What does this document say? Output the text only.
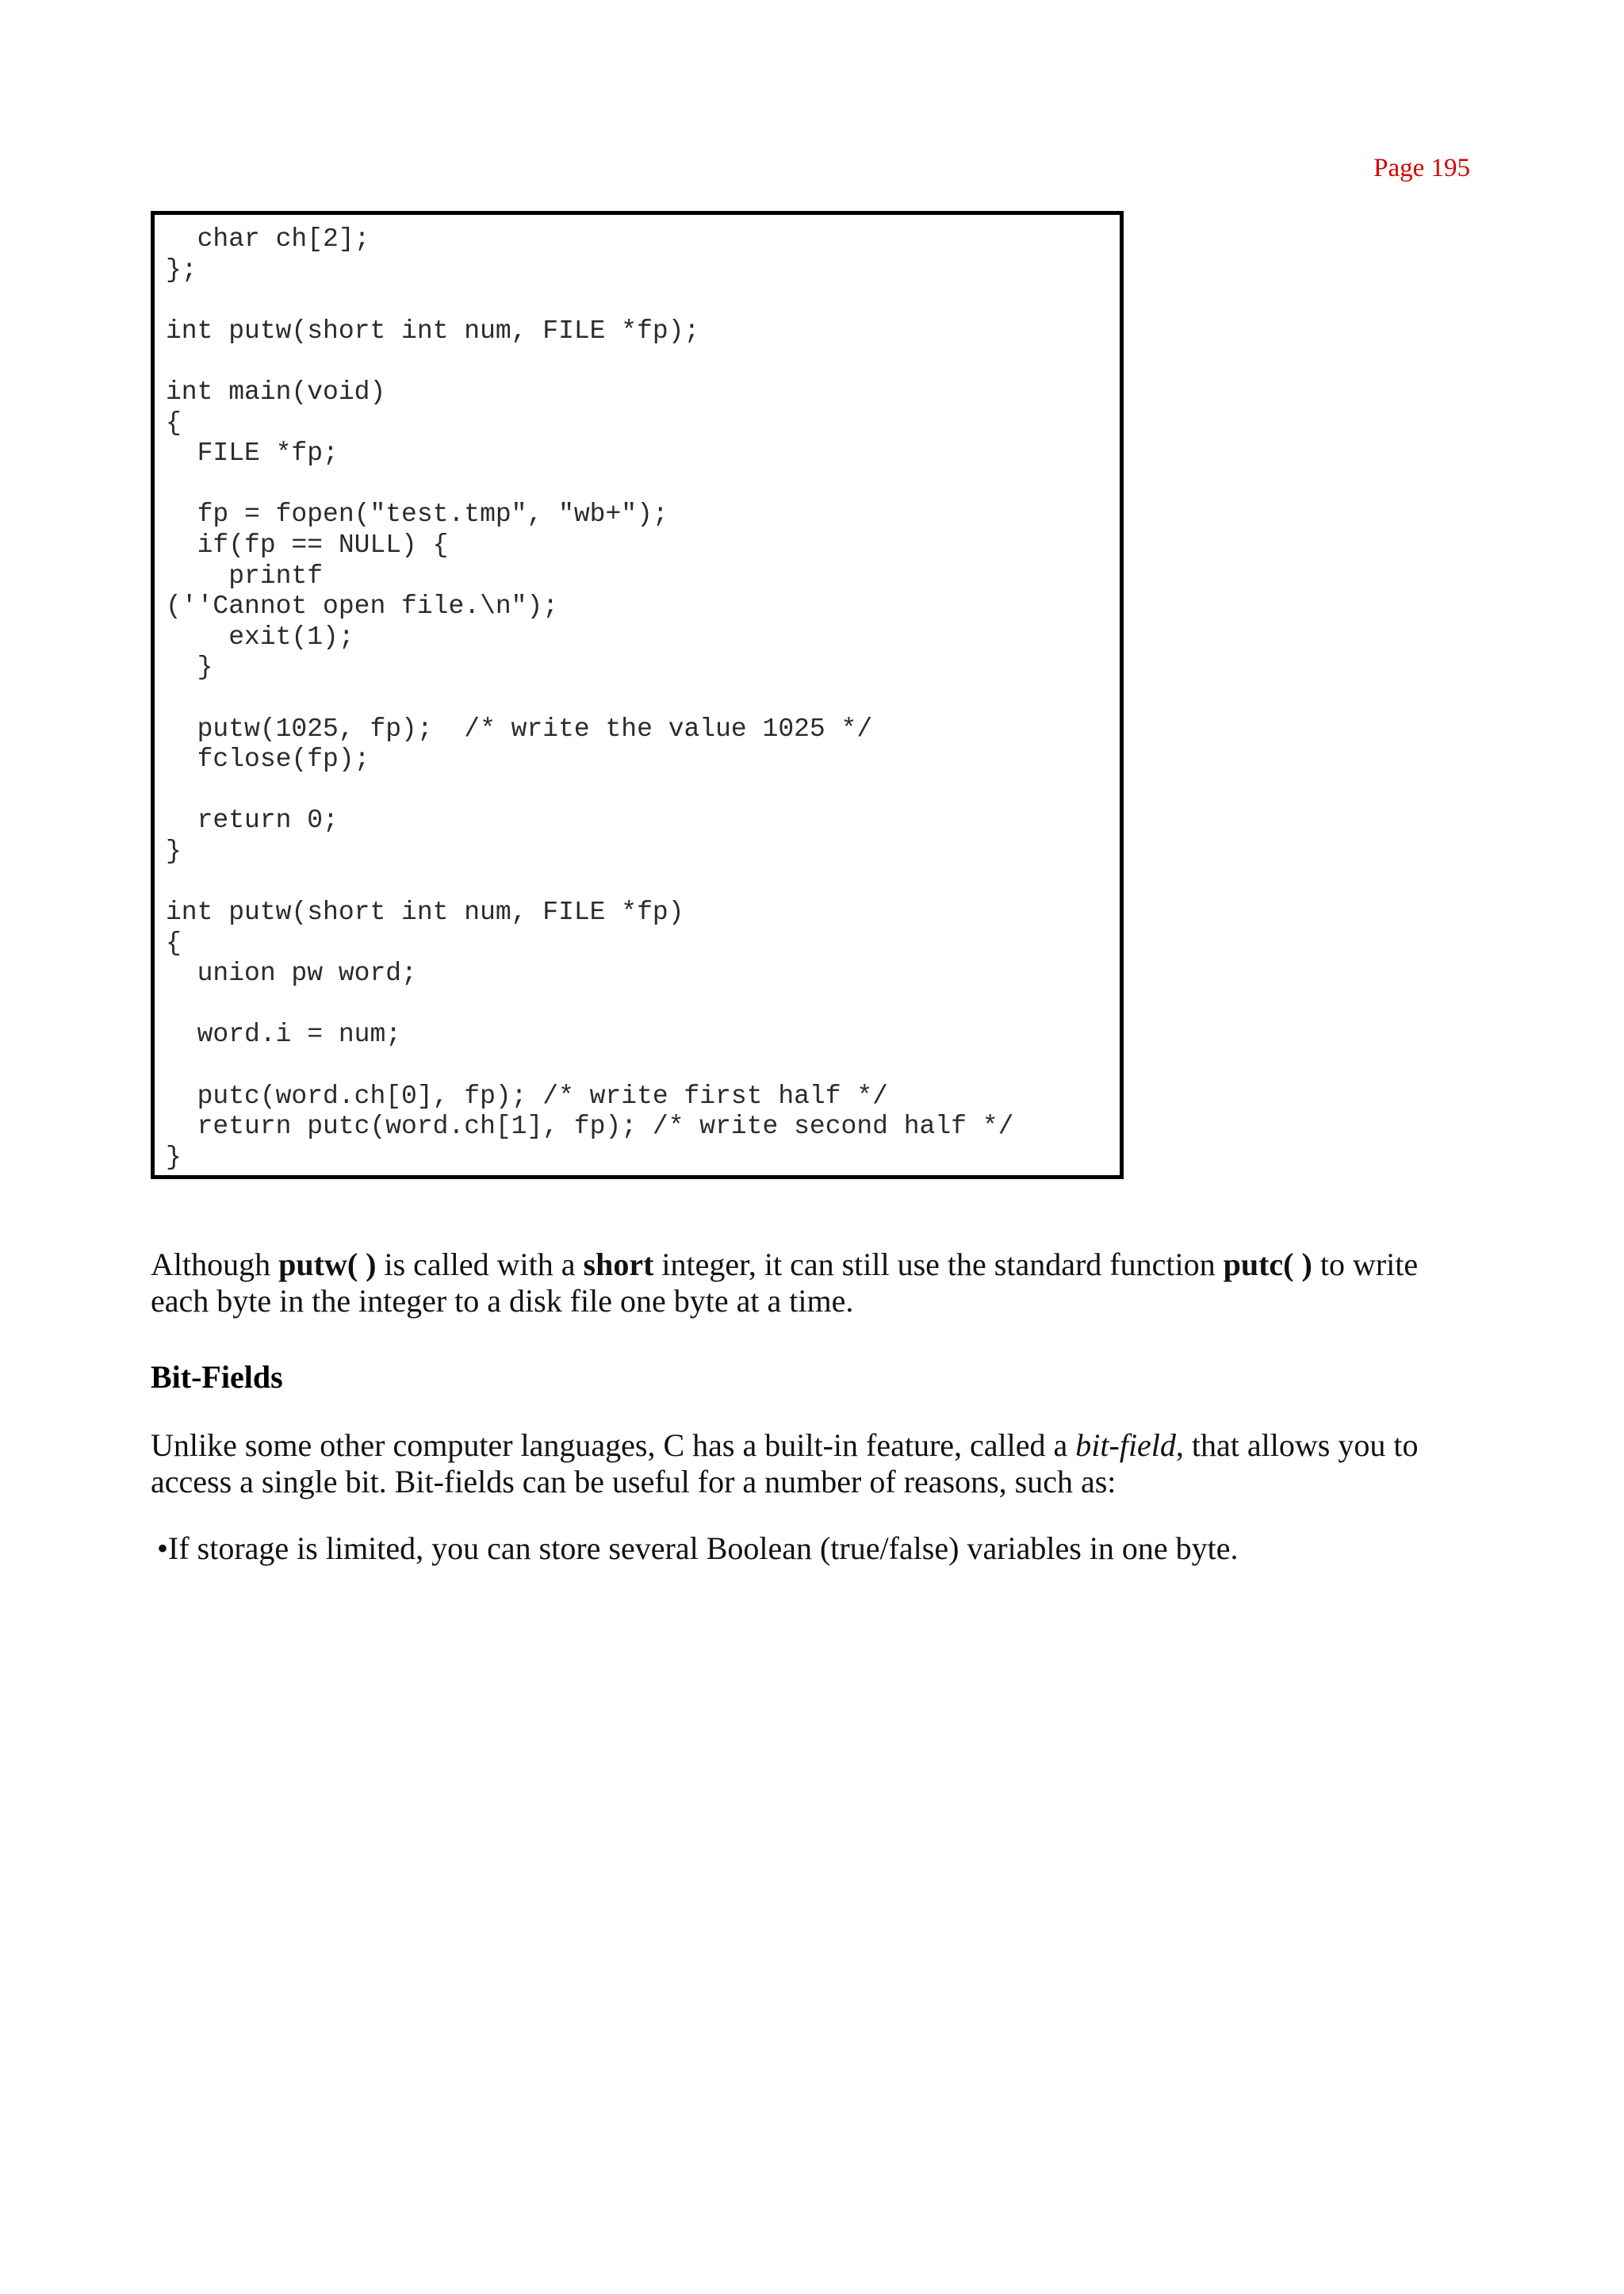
Page 195
char ch[2];
};
int putw(short int num, FILE *fp);
int main(void)
{
FILE *fp;
fp = fopen("test.tmp", "wb+");
if(fp == NULL) {
printf
(''Cannot open file.\n");
exit(1);
}
putw(1025, fp);  /* write the value 1025 */
fclose(fp);
return 0;
}
int putw(short int num, FILE *fp)
{
union pw word;
word.i = num;
putc(word.ch[0], fp); /* write first half */
return putc(word.ch[1], fp); /* write second half */
}

Although putw( ) is called with a short integer, it can still use the standard function putc( ) to write each byte in the integer to a disk file one byte at a time.

Bit-Fields

Unlike some other computer languages, C has a built-in feature, called a bit-field, that allows you to access a single bit. Bit-fields can be useful for a number of reasons, such as:

•If storage is limited, you can store several Boolean (true/false) variables in one byte.
